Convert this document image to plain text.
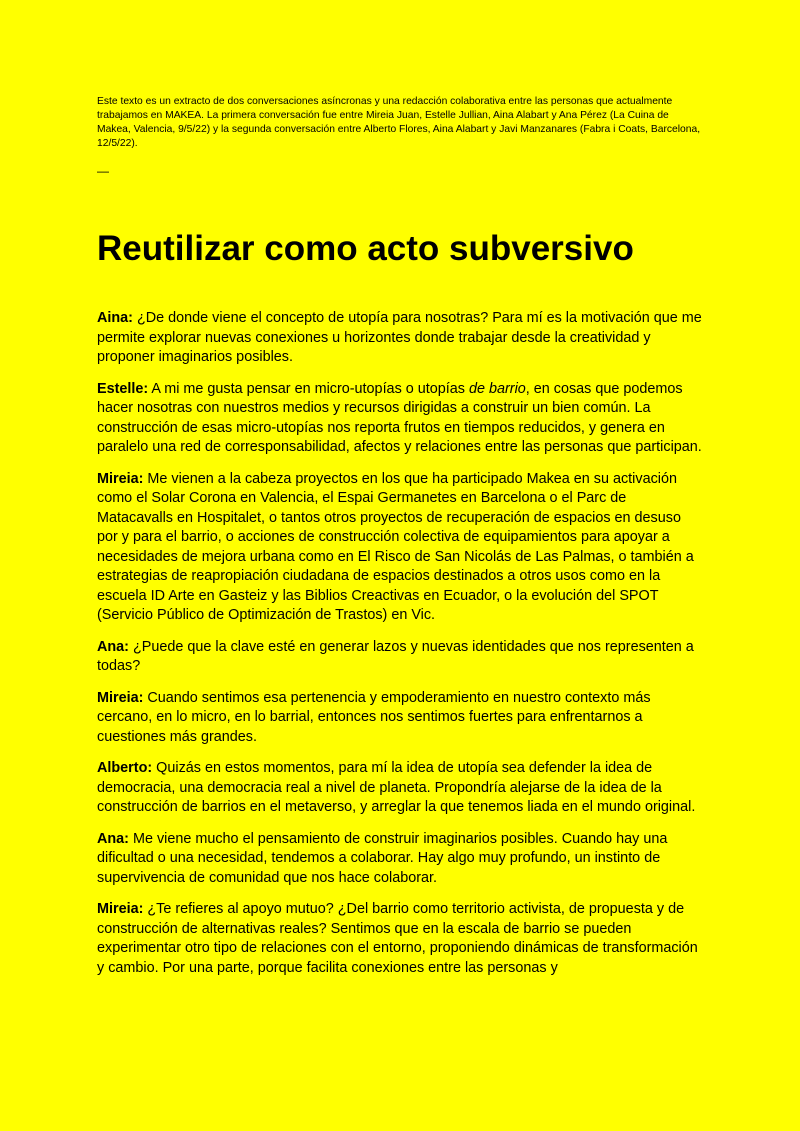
Este texto es un extracto de dos conversaciones asíncronas y una redacción colaborativa entre las personas que actualmente trabajamos en MAKEA. La primera conversación fue entre Mireia Juan, Estelle Jullian, Aina Alabart y Ana Pérez (La Cuina de Makea, Valencia, 9/5/22) y la segunda conversación entre Alberto Flores, Aina Alabart y Javi Manzanares (Fabra i Coats, Barcelona, 12/5/22).

—
Reutilizar como acto subversivo

Aina: ¿De donde viene el concepto de utopía para nosotras? Para mí es la motivación que me permite explorar nuevas conexiones u horizontes donde trabajar desde la creatividad y proponer imaginarios posibles.

Estelle: A mi me gusta pensar en micro-utopías o utopías de barrio, en cosas que podemos hacer nosotras con nuestros medios y recursos dirigidas a construir un bien común. La construcción de esas micro-utopías nos reporta frutos en tiempos reducidos, y genera en paralelo una red de corresponsabilidad, afectos y relaciones entre las personas que participan.

Mireia: Me vienen a la cabeza proyectos en los que ha participado Makea en su activación como el Solar Corona en Valencia, el Espai Germanetes en Barcelona o el Parc de Matacavalls en Hospitalet, o tantos otros proyectos de recuperación de espacios en desuso por y para el barrio, o acciones de construcción colectiva de equipamientos para apoyar a necesidades de mejora urbana como en El Risco de San Nicolás de Las Palmas, o también a estrategias de reapropiación ciudadana de espacios destinados a otros usos como en la escuela ID Arte en Gasteiz y las Biblios Creactivas en Ecuador, o la evolución del SPOT (Servicio Público de Optimización de Trastos) en Vic.

Ana: ¿Puede que la clave esté en generar lazos y nuevas identidades que nos representen a todas?

Mireia: Cuando sentimos esa pertenencia y empoderamiento en nuestro contexto más cercano, en lo micro, en lo barrial, entonces nos sentimos fuertes para enfrentarnos a cuestiones más grandes.

Alberto: Quizás en estos momentos, para mí la idea de utopía sea defender la idea de democracia, una democracia real a nivel de planeta. Propondría alejarse de la idea de la construcción de barrios en el metaverso, y arreglar la que tenemos liada en el mundo original.

Ana: Me viene mucho el pensamiento de construir imaginarios posibles. Cuando hay una dificultad o una necesidad, tendemos a colaborar. Hay algo muy profundo, un instinto de supervivencia de comunidad que nos hace colaborar.

Mireia: ¿Te refieres al apoyo mutuo? ¿Del barrio como territorio activista, de propuesta y de construcción de alternativas reales? Sentimos que en la escala de barrio se pueden experimentar otro tipo de relaciones con el entorno, proponiendo dinámicas de transformación y cambio. Por una parte, porque facilita conexiones entre las personas y
